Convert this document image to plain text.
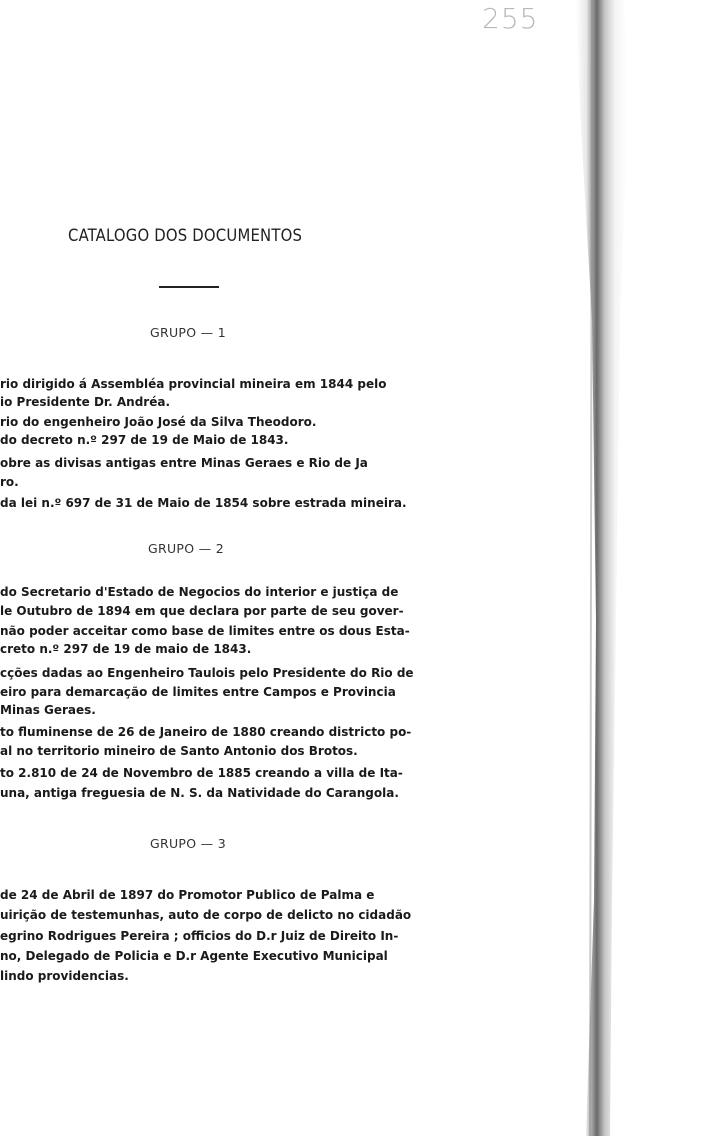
255
CATALOGO DOS DOCUMENTOS
GRUPO — 1
rio dirigido á Assembléa provincial mineira em 1844 pelo
io Presidente Dr. Andréa.
rio do engenheiro João José da Silva Theodoro.
do decreto n.º 297 de 19 de Maio de 1843.
obre as divisas antigas entre Minas Geraes e Rio de Ja
ro.
da lei n.º 697 de 31 de Maio de 1854 sobre estrada mineira.
GRUPO — 2
do Secretario d'Estado de Negocios do interior e justiça de
le Outubro de 1894 em que declara por parte de seu gover-
não poder acceitar como base de limites entre os dous Esta-
creto n.º 297 de 19 de maio de 1843.
cções dadas ao Engenheiro Taulois pelo Presidente do Rio de
eiro para demarcação de limites entre Campos e Provincia
Minas Geraes.
to fluminense de 26 de Janeiro de 1880 creando districto po-
al no territorio mineiro de Santo Antonio dos Brotos.
to 2.810 de 24 de Novembro de 1885 creando a villa de Ita-
una, antiga freguesia de N. S. da Natividade do Carangola.
GRUPO — 3
de 24 de Abril de 1897 do Promotor Publico de Palma e
uirição de testemunhas, auto de corpo de delicto no cidadão
egrino Rodrigues Pereira ; officios do D.r Juiz de Direito In-
no, Delegado de Policia e D.r Agente Executivo Municipal
lindo providencias.
